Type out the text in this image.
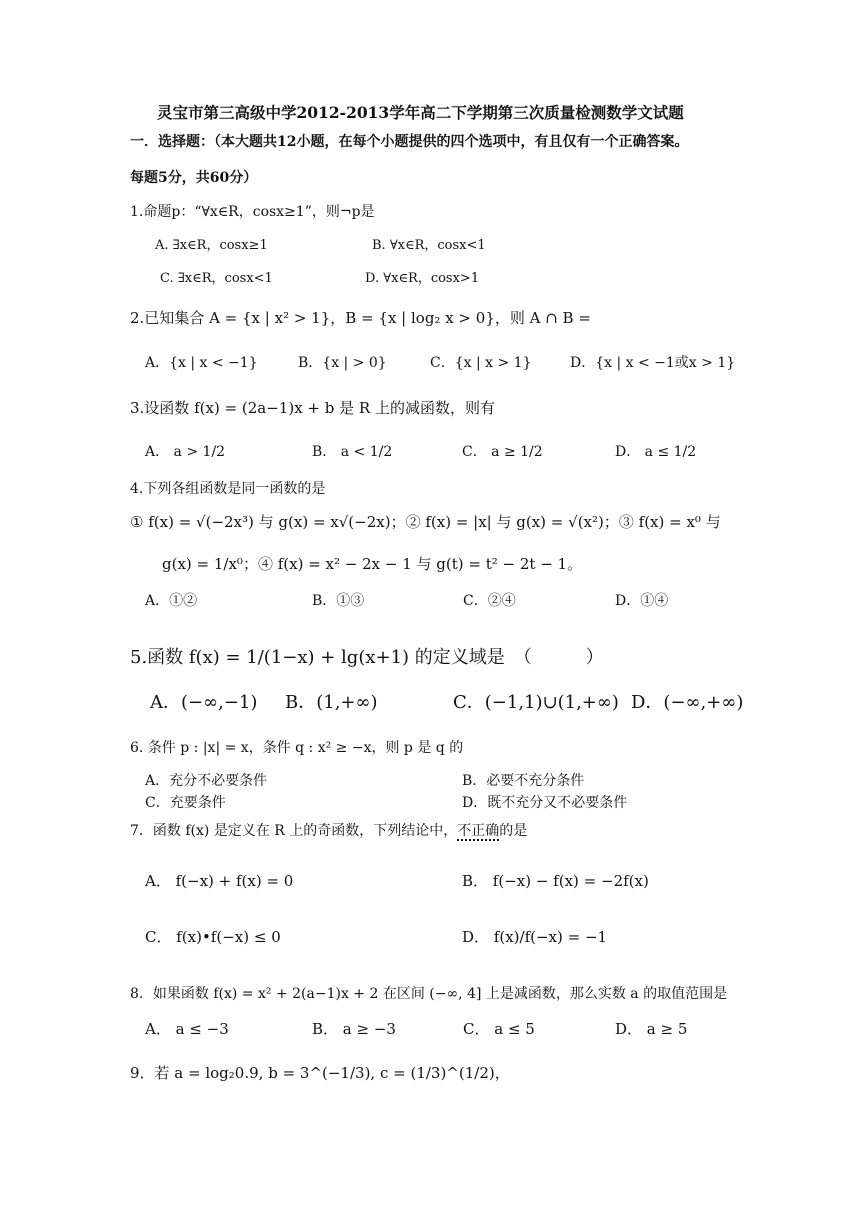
灵宝市第三高级中学2012-2013学年高二下学期第三次质量检测数学文试题
一．选择题：（本大题共12小题，在每个小题提供的四个选项中，有且仅有一个正确答案。
每题5分，共60分）
1.命题p：“∀x∈R，cosx≥1”，则¬p是
A. ∃x∈R，cosx≥1	B. ∀x∈R，cosx<1
C. ∃x∈R，cosx<1	D. ∀x∈R，cosx>1
2.已知集合 A = {x | x² > 1}，B = {x | log₂ x > 0}，则 A ∩ B =
A．{x | x < −1}	B．{x | > 0}	C．{x | x > 1}	D．{x | x < −1或x > 1}
3.设函数 f(x) = (2a−1)x + b 是 R 上的减函数，则有
A． a > 1/2	B． a < 1/2	C． a ≥ 1/2	D． a ≤ 1/2
4.下列各组函数是同一函数的是
① f(x) = √(−2x³) 与 g(x) = x√(−2x)；② f(x) = |x| 与 g(x) = √(x²)；③ f(x) = x⁰ 与
g(x) = 1/x⁰；④ f(x) = x² − 2x − 1 与 g(t) = t² − 2t − 1。
A．①②	B．①③	C．②④	D．①④
5.函数 f(x) = 1/(1−x) + lg(x+1) 的定义域是　（　　　）
A．(−∞,−1) B．(1,+∞)	C．(−1,1)∪(1,+∞) D．(−∞,+∞)
6. 条件 p : |x| = x，条件 q : x² ≥ −x，则 p 是 q 的
A．充分不必要条件	B．必要不充分条件
C．充要条件	D．既不充分又不必要条件
7．函数 f(x) 是定义在 R 上的奇函数，下列结论中，不正确的是
A． f(−x) + f(x) = 0	B． f(−x) − f(x) = −2f(x)
C． f(x)•f(−x) ≤ 0	D． f(x)/f(−x) = −1
8．如果函数 f(x) = x² + 2(a−1)x + 2 在区间 (−∞, 4] 上是减函数，那么实数 a 的取值范围是
A． a ≤ −3	B． a ≥ −3	C． a ≤ 5	D． a ≥ 5
9．若 a = log₂0.9, b = 3^(−1/3), c = (1/3)^(1/2)，
